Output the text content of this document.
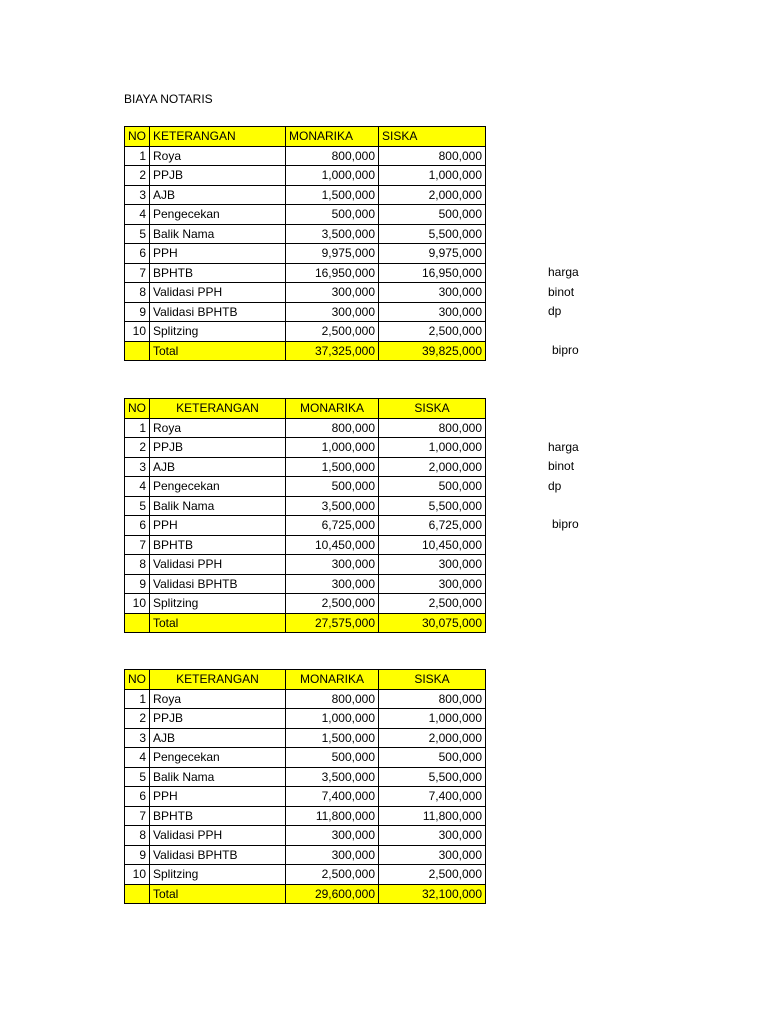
BIAYA NOTARIS
NO	KETERANGAN	MONARIKA	SISKA
1	Roya	800,000	800,000
2	PPJB	1,000,000	1,000,000
3	AJB	1,500,000	2,000,000
4	Pengecekan	500,000	500,000
5	Balik Nama	3,500,000	5,500,000
6	PPH	9,975,000	9,975,000
7	BPHTB	16,950,000	16,950,000
8	Validasi PPH	300,000	300,000
9	Validasi BPHTB	300,000	300,000
10	Splitzing	2,500,000	2,500,000
	Total	37,325,000	39,825,000
NO	KETERANGAN	MONARIKA	SISKA
1	Roya	800,000	800,000
2	PPJB	1,000,000	1,000,000
3	AJB	1,500,000	2,000,000
4	Pengecekan	500,000	500,000
5	Balik Nama	3,500,000	5,500,000
6	PPH	6,725,000	6,725,000
7	BPHTB	10,450,000	10,450,000
8	Validasi PPH	300,000	300,000
9	Validasi BPHTB	300,000	300,000
10	Splitzing	2,500,000	2,500,000
	Total	27,575,000	30,075,000
NO	KETERANGAN	MONARIKA	SISKA
1	Roya	800,000	800,000
2	PPJB	1,000,000	1,000,000
3	AJB	1,500,000	2,000,000
4	Pengecekan	500,000	500,000
5	Balik Nama	3,500,000	5,500,000
6	PPH	7,400,000	7,400,000
7	BPHTB	11,800,000	11,800,000
8	Validasi PPH	300,000	300,000
9	Validasi BPHTB	300,000	300,000
10	Splitzing	2,500,000	2,500,000
	Total	29,600,000	32,100,000
harga
binot
dp
bipro
harga
binot
dp
bipro
